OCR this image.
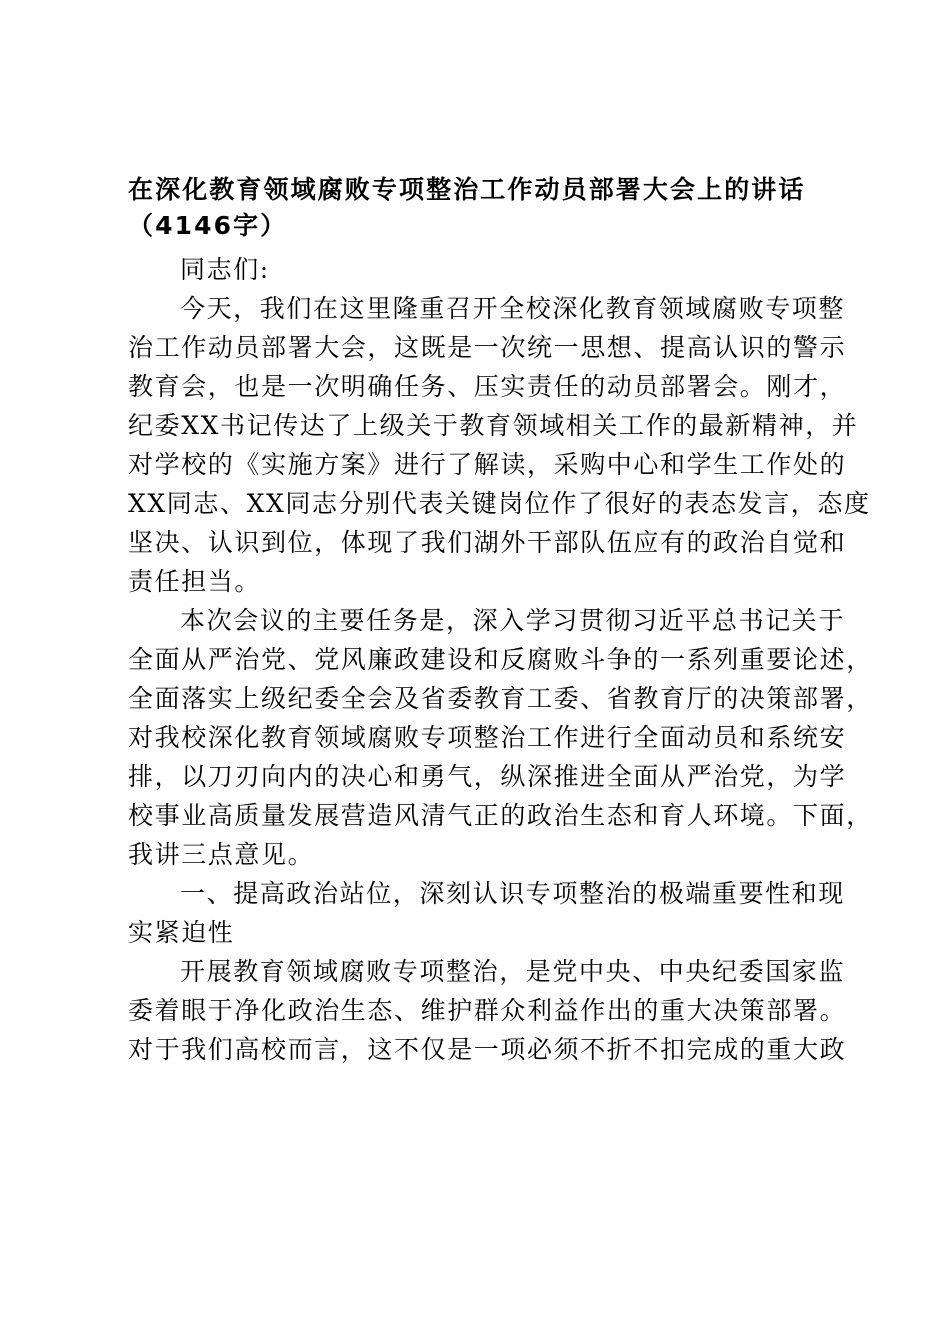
在深化教育领域腐败专项整治工作动员部署大会上的讲话
（4146字）

同志们:

今天，我们在这里隆重召开全校深化教育领域腐败专项整
治工作动员部署大会，这既是一次统一思想、提高认识的警示
教育会，也是一次明确任务、压实责任的动员部署会。刚才，
纪委XX书记传达了上级关于教育领域相关工作的最新精神，并
对学校的《实施方案》进行了解读，采购中心和学生工作处的
XX同志、XX同志分别代表关键岗位作了很好的表态发言，态度
坚决、认识到位，体现了我们湖外干部队伍应有的政治自觉和
责任担当。

本次会议的主要任务是，深入学习贯彻习近平总书记关于
全面从严治党、党风廉政建设和反腐败斗争的一系列重要论述，
全面落实上级纪委全会及省委教育工委、省教育厅的决策部署，
对我校深化教育领域腐败专项整治工作进行全面动员和系统安
排，以刀刃向内的决心和勇气，纵深推进全面从严治党，为学
校事业高质量发展营造风清气正的政治生态和育人环境。下面，
我讲三点意见。

一、提高政治站位，深刻认识专项整治的极端重要性和现
实紧迫性

开展教育领域腐败专项整治，是党中央、中央纪委国家监
委着眼于净化政治生态、维护群众利益作出的重大决策部署。
对于我们高校而言，这不仅是一项必须不折不扣完成的重大政
